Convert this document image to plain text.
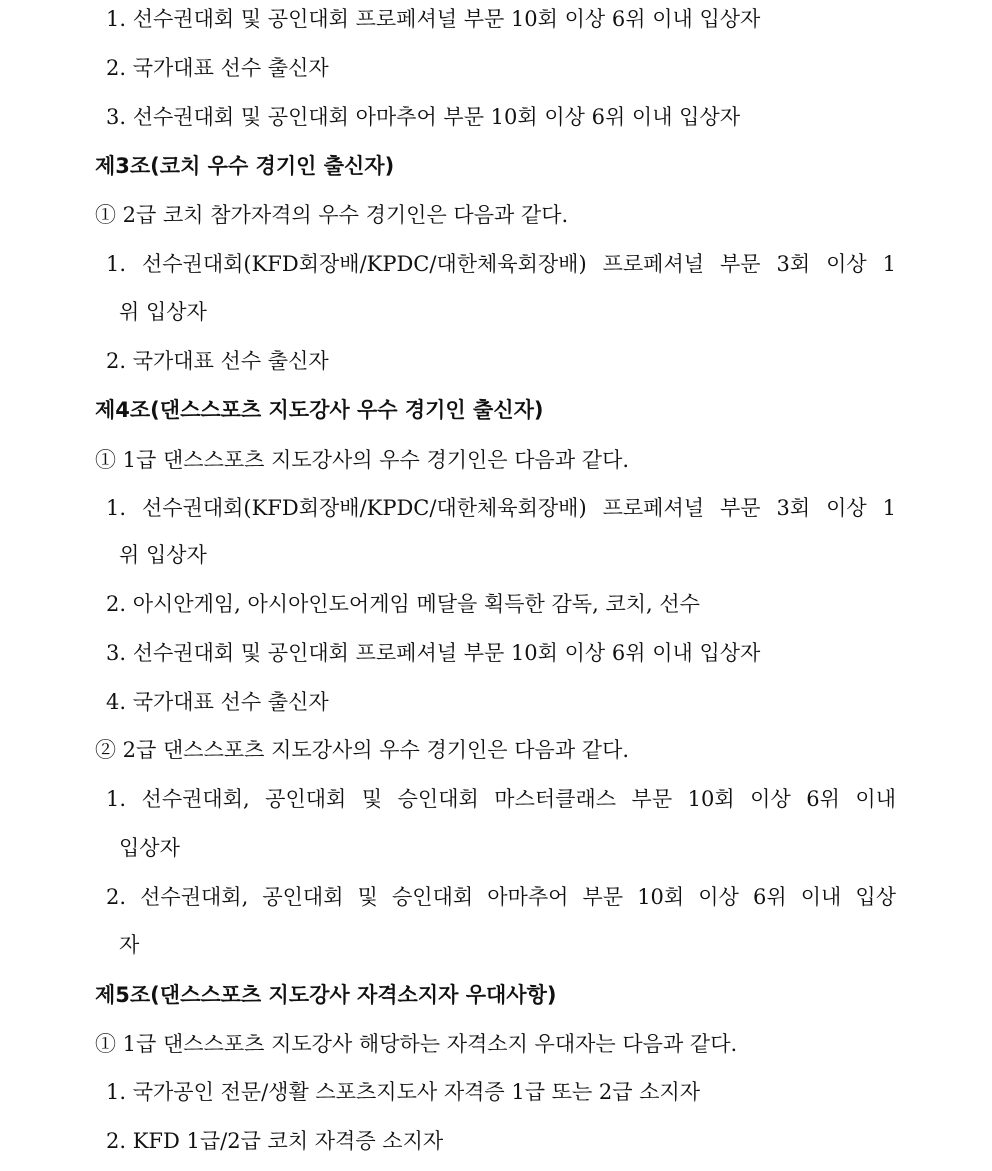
1. 선수권대회 및 공인대회 프로페셔널 부문 10회 이상 6위 이내 입상자
2. 국가대표 선수 출신자
3. 선수권대회 및 공인대회 아마추어 부문 10회 이상 6위 이내 입상자
제3조(코치 우수 경기인 출신자)
① 2급 코치 참가자격의 우수 경기인은 다음과 같다.
1. 선수권대회(KFD회장배/KPDC/대한체육회장배) 프로페셔널 부문 3회 이상 1
위 입상자
2. 국가대표 선수 출신자
제4조(댄스스포츠 지도강사 우수 경기인 출신자)
① 1급 댄스스포츠 지도강사의 우수 경기인은 다음과 같다.
1. 선수권대회(KFD회장배/KPDC/대한체육회장배) 프로페셔널 부문 3회 이상 1
위 입상자
2. 아시안게임, 아시아인도어게임 메달을 획득한 감독, 코치, 선수
3. 선수권대회 및 공인대회 프로페셔널 부문 10회 이상 6위 이내 입상자
4. 국가대표 선수 출신자
② 2급 댄스스포츠 지도강사의 우수 경기인은 다음과 같다.
1. 선수권대회, 공인대회 및 승인대회 마스터클래스 부문 10회 이상 6위 이내
입상자
2. 선수권대회, 공인대회 및 승인대회 아마추어 부문 10회 이상 6위 이내 입상
자
제5조(댄스스포츠 지도강사 자격소지자 우대사항)
① 1급 댄스스포츠 지도강사 해당하는 자격소지 우대자는 다음과 같다.
1. 국가공인 전문/생활 스포츠지도사 자격증 1급 또는 2급 소지자
2. KFD 1급/2급 코치 자격증 소지자
